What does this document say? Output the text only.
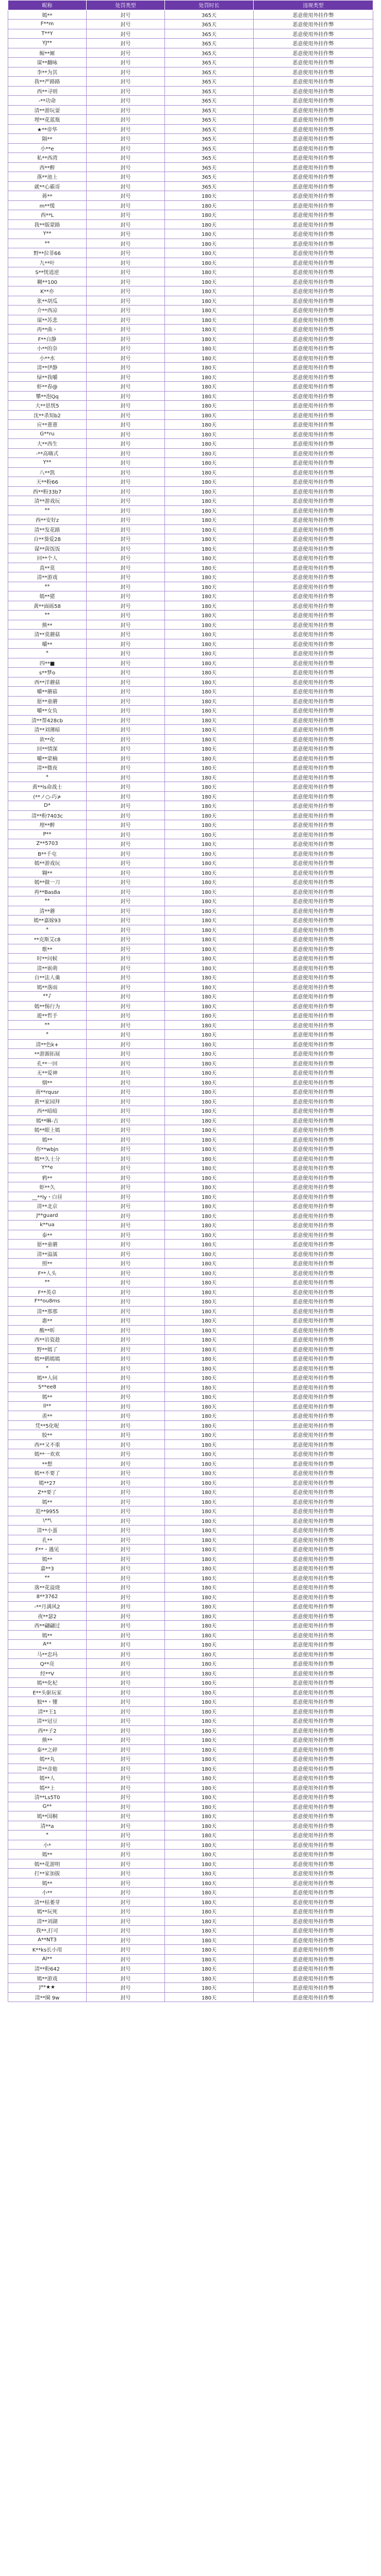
昵称	处罚类型	处罚时长	违规类型
嫣**	封号	365天	恶意使用外挂作弊
F**m	封号	365天	恶意使用外挂作弊
T**Y	封号	365天	恶意使用外挂作弊
YJ**	封号	365天	恶意使用外挂作弊
鲸**厮	封号	365天	恶意使用外挂作弊
谋**翻咏	封号	365天	恶意使用外挂作弊
李**为其	封号	365天	恶意使用外挂作弊
我**严路路	封号	365天	恶意使用外挂作弊
西**寻则	封号	365天	恶意使用外挂作弊
-**功命	封号	365天	恶意使用外挂作弊
清**游玩耍	封号	365天	恶意使用外挂作弊
埋**花蓝瓶	封号	365天	恶意使用外挂作弊
★**帝华	封号	365天	恶意使用外挂作弊
隔**	封号	365天	恶意使用外挂作弊
小**e	封号	365天	恶意使用外挂作弊
私**西湾	封号	365天	恶意使用外挂作弊
西**醉	封号	365天	恶意使用外挂作弊
落**池上	封号	365天	恶意使用外挂作弊
就**心霸哥	封号	365天	恶意使用外挂作弊
蒋**	封号	180天	恶意使用外挂作弊
m**缓	封号	180天	恶意使用外挂作弊
西**L	封号	180天	恶意使用外挂作弊
我**版蒙路	封号	180天	恶意使用外挂作弊
Y**	封号	180天	恶意使用外挂作弊
**	封号	180天	恶意使用外挂作弊
野**拉菲66	封号	180天	恶意使用外挂作弊
九**叶	封号	180天	恶意使用外挂作弊
S**恍逍逆	封号	180天	恶意使用外挂作弊
糊**100	封号	180天	恶意使用外挂作弊
K**亦	封号	180天	恶意使用外挂作弊
张**胡瓜	封号	180天	恶意使用外挂作弊
介**西凉	封号	180天	恶意使用外挂作弊
谋**苏悲	封号	180天	恶意使用外挂作弊
再**曲・	封号	180天	恶意使用外挂作弊
F**自静	封号	180天	恶意使用外挂作弊
小**的奈	封号	180天	恶意使用外挂作弊
小**水	封号	180天	恶意使用外挂作弊
清**伊静	封号	180天	恶意使用外挂作弊
绿**我嚼	封号	180天	恶意使用外挂作弊
虾**春@	封号	180天	恶意使用外挂作弊
攀**泡Qq	封号	180天	恶意使用外挂作弊
大**思恍5	封号	180天	恶意使用外挂作弊
沈**杀知b2	封号	180天	恶意使用外挂作弊
应**薏薏	封号	180天	恶意使用外挂作弊
G**ru	封号	180天	恶意使用外挂作弊
大**西生	封号	180天	恶意使用外挂作弊
-**高嗨式	封号	180天	恶意使用外挂作弊
Y**	封号	180天	恶意使用外挂作弊
八**凯	封号	180天	恶意使用外挂作弊
天**粉66	封号	180天	恶意使用外挂作弊
西**粉33b7	封号	180天	恶意使用外挂作弊
清**游戏玩	封号	180天	恶意使用外挂作弊
**	封号	180天	恶意使用外挂作弊
西**安好z	封号	180天	恶意使用外挂作弊
清**发花路	封号	180天	恶意使用外挂作弊
自**葵爱28	封号	180天	恶意使用外挂作弊
谋**茵饭饭	封号	180天	恶意使用外挂作弊
回**个人	封号	180天	恶意使用外挂作弊
真**莫	封号	180天	恶意使用外挂作弊
清**游戏	封号	180天	恶意使用外挂作弊
**	封号	180天	恶意使用外挂作弊
嫣**猪	封号	180天	恶意使用外挂作弊
黄**面砾58	封号	180天	恶意使用外挂作弊
**	封号	180天	恶意使用外挂作弊
熊**	封号	180天	恶意使用外挂作弊
清**莫蘑菇	封号	180天	恶意使用外挂作弊
嚼**	封号	180天	恶意使用外挂作弊
*	封号	180天	恶意使用外挂作弊
四**■	封号	180天	恶意使用外挂作弊
s**梦o	封号	180天	恶意使用外挂作弊
西**洋蘑菇	封号	180天	恶意使用外挂作弊
嚼**蘑菇	封号	180天	恶意使用外挂作弊
愿**童蘑	封号	180天	恶意使用外挂作弊
嚼**女负	封号	180天	恶意使用外挂作弊
清**帮428cb	封号	180天	恶意使用外挂作弊
清**刘薄暗	封号	180天	恶意使用外挂作弊
欲**化	封号	180天	恶意使用外挂作弊
回**情深	封号	180天	恶意使用外挂作弊
嚼**蒙楠	封号	180天	恶意使用外挂作弊
清**微夜	封号	180天	恶意使用外挂作弊
*	封号	180天	恶意使用外挂作弊
黄**ls命战士	封号	180天	恶意使用外挂作弊
(**ノ○-巧≯	封号	180天	恶意使用外挂作弊
D*	封号	180天	恶意使用外挂作弊
清**粉7403c	封号	180天	恶意使用外挂作弊
埋**醉	封号	180天	恶意使用外挂作弊
P**	封号	180天	恶意使用外挂作弊
Z**5703	封号	180天	恶意使用外挂作弊
B**千屯	封号	180天	恶意使用外挂作弊
嫣**游戏玩	封号	180天	恶意使用外挂作弊
翱**	封号	180天	恶意使用外挂作弊
嫣**做一刀	封号	180天	恶意使用外挂作弊
再**Bas8a	封号	180天	恶意使用外挂作弊
**	封号	180天	恶意使用外挂作弊
清**蘑	封号	180天	恶意使用外挂作弊
嫣**嘉嫁93	封号	180天	恶意使用外挂作弊
*	封号	180天	恶意使用外挂作弊
**克斯艾c8	封号	180天	恶意使用外挂作弊
歌**	封号	180天	恶意使用外挂作弊
时**问候	封号	180天	恶意使用外挂作弊
清**嵌萌	封号	180天	恶意使用外挂作弊
自**法人羹	封号	180天	恶意使用外挂作弊
嫣**落雨	封号	180天	恶意使用外挂作弊
**♪	封号	180天	恶意使用外挂作弊
嫣**惕行为	封号	180天	恶意使用外挂作弊
遊**哲手	封号	180天	恶意使用外挂作弊
**	封号	180天	恶意使用外挂作弊
*	封号	180天	恶意使用外挂作弊
清**色k+	封号	180天	恶意使用外挂作弊
**游源拓展	封号	180天	恶意使用外挂作弊
孔**一回	封号	180天	恶意使用外挂作弊
无**爱神	封号	180天	恶意使用外挂作弊
烟**	封号	180天	恶意使用外挂作弊
南**rqusr	封号	180天	恶意使用外挂作弊
黄**家园拜	封号	180天	恶意使用外挂作弊
西**暗暗	封号	180天	恶意使用外挂作弊
嫣**嘛-古	封号	180天	恶意使用外挂作弊
嫣**眼上嫣	封号	180天	恶意使用外挂作弊
嫣**	封号	180天	恶意使用外挂作弊
你**wbjn	封号	180天	恶意使用外挂作弊
嫣**久士分	封号	180天	恶意使用外挂作弊
Y**e	封号	180天	恶意使用外挂作弊
鸦**	封号	180天	恶意使用外挂作弊
虾**久	封号	180天	恶意使用外挂作弊
__**ly・白昼	封号	180天	恶意使用外挂作弊
清**北京	封号	180天	恶意使用外挂作弊
J**guard	封号	180天	恶意使用外挂作弊
k**ua	封号	180天	恶意使用外挂作弊
泰**	封号	180天	恶意使用外挂作弊
愿**童蘑	封号	180天	恶意使用外挂作弊
清**溢濡	封号	180天	恶意使用外挂作弊
照**	封号	180天	恶意使用外挂作弊
F**人头	封号	180天	恶意使用外挂作弊
**	封号	180天	恶意使用外挂作弊
F**英卓	封号	180天	恶意使用外挂作弊
F**ou8ms	封号	180天	恶意使用外挂作弊
清**那那	封号	180天	恶意使用外挂作弊
惠**	封号	180天	恶意使用外挂作弊
酸**昕	封号	180天	恶意使用外挂作弊
西**岩瓷趁	封号	180天	恶意使用外挂作弊
野**嫣了	封号	180天	恶意使用外挂作弊
嫣**鹤嫣嫣	封号	180天	恶意使用外挂作弊
*	封号	180天	恶意使用外挂作弊
嫣**人间	封号	180天	恶意使用外挂作弊
S**ee8	封号	180天	恶意使用外挂作弊
嫣**	封号	180天	恶意使用外挂作弊
ll**	封号	180天	恶意使用外挂作弊
羡**	封号	180天	恶意使用外挂作弊
凭**5化呢	封号	180天	恶意使用外挂作弊
胶**	封号	180天	恶意使用外挂作弊
西**又不重	封号	180天	恶意使用外挂作弊
嫣**一欢欢	封号	180天	恶意使用外挂作弊
**想	封号	180天	恶意使用外挂作弊
嫣**不要了	封号	180天	恶意使用外挂作弊
嫣**27	封号	180天	恶意使用外挂作弊
Z**要了	封号	180天	恶意使用外挂作弊
嫣**	封号	180天	恶意使用外挂作弊
追**9955	封号	180天	恶意使用外挂作弊
\**\	封号	180天	恶意使用外挂作弊
清**小蛋	封号	180天	恶意使用外挂作弊
孔**	封号	180天	恶意使用外挂作弊
F**・遇见	封号	180天	恶意使用外挂作弊
嫣**	封号	180天	恶意使用外挂作弊
嘉**3	封号	180天	恶意使用外挂作弊
**	封号	180天	恶意使用外挂作弊
落**花溢烧	封号	180天	恶意使用外挂作弊
8**3762	封号	180天	恶意使用外挂作弊
-**月满风2	封号	180天	恶意使用外挂作弊
夜**瑟2	封号	180天	恶意使用外挂作弊
西**翩翩过	封号	180天	恶意使用外挂作弊
嫣**	封号	180天	恶意使用外挂作弊
A**	封号	180天	恶意使用外挂作弊
马**忠玛	封号	180天	恶意使用外挂作弊
Q**亮	封号	180天	恶意使用外挂作弊
经**V	封号	180天	恶意使用外挂作弊
嫣**化杞	封号	180天	恶意使用外挂作弊
E**头驱玩家	封号	180天	恶意使用外挂作弊
独**・懂	封号	180天	恶意使用外挂作弊
清**王1	封号	180天	恶意使用外挂作弊
清**冠豆	封号	180天	恶意使用外挂作弊
西**子2	封号	180天	恶意使用外挂作弊
熊**	封号	180天	恶意使用外挂作弊
泰**之碎	封号	180天	恶意使用外挂作弊
嫣**丸	封号	180天	恶意使用外挂作弊
清**彦他	封号	180天	恶意使用外挂作弊
嫣**人	封号	180天	恶意使用外挂作弊
嫣**上	封号	180天	恶意使用外挂作弊
清**Ls5T0	封号	180天	恶意使用外挂作弊
G**	封号	180天	恶意使用外挂作弊
嫣**国桐	封号	180天	恶意使用外挂作弊
清**a	封号	180天	恶意使用外挂作弊
*	封号	180天	恶意使用外挂作弊
小*	封号	180天	恶意使用外挂作弊
嫣**	封号	180天	恶意使用外挂作弊
嫣**花游明	封号	180天	恶意使用外挂作弊
打**家加拔	封号	180天	恶意使用外挂作弊
嫣**	封号	180天	恶意使用外挂作弊
小**	封号	180天	恶意使用外挂作弊
清**枯萎芽	封号	180天	恶意使用外挂作弊
嫣**玩死	封号	180天	恶意使用外挂作弊
清**刘湖	封号	180天	恶意使用外挂作弊
我**,打可	封号	180天	恶意使用外挂作弊
A**NT3	封号	180天	恶意使用外挂作弊
K**ks长小用	封号	180天	恶意使用外挂作弊
Al**	封号	180天	恶意使用外挂作弊
清**粉642	封号	180天	恶意使用外挂作弊
嫣**游戏	封号	180天	恶意使用外挂作弊
J**★★	封号	180天	恶意使用外挂作弊
清**圈 9w	封号	180天	恶意使用外挂作弊
